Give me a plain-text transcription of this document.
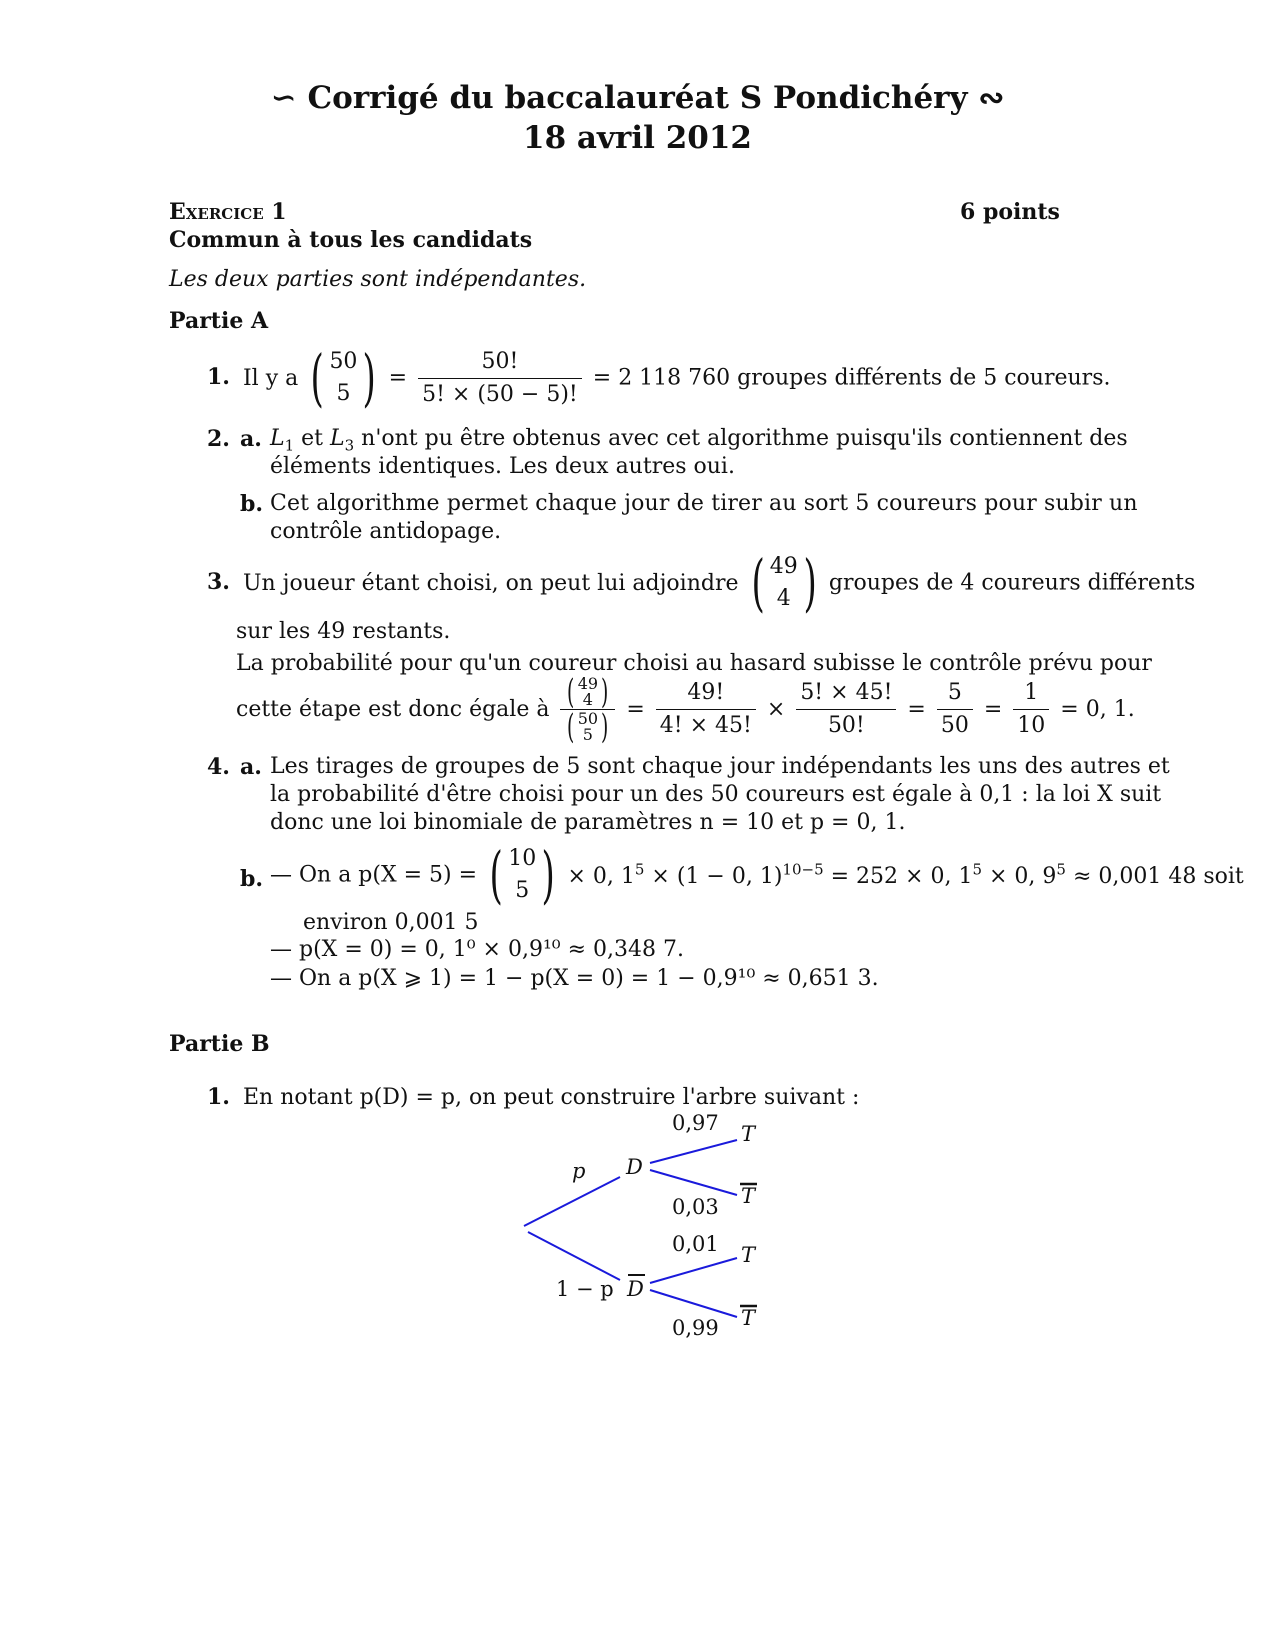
∽ Corrigé du baccalauréat S Pondichéry ∾
18 avril 2012
Exercice 1	6 points
Commun à tous les candidats
Les deux parties sont indépendantes.
Partie A
1. Il y a ( 50
5 ) = $\frac{50!}{5! \times (50 - 5)!} = 2$ 118 760 groupes différents de 5 coureurs.
2. a. $L_1$ et $L_3$ n'ont pu être obtenus avec cet algorithme puisqu'ils contiennent des
éléments identiques. Les deux autres oui.
b. Cet algorithme permet chaque jour de tirer au sort 5 coureurs pour subir un
contrôle antidopage.
3. Un joueur étant choisi, on peut lui adjoindre ( 49
4 ) groupes de 4 coureurs différents
sur les 49 restants.
La probabilité pour qu'un coureur choisi au hasard subisse le contrôle prévu pour
cette étape est donc égale à ( 49
4 )
( 50
5 ) = $\frac{49!}{4! \times 45!} \times \frac{5! \times 45!}{50!} = \frac{5}{50} = \frac{1}{10} = 0$, 1.
4. a. Les tirages de groupes de 5 sont chaque jour indépendants les uns des autres et
la probabilité d'être choisi pour un des 50 coureurs est égale à 0,1 : la loi X suit
donc une loi binomiale de paramètres n = 10 et p = 0, 1.
b. — On a p(X = 5) = ( 10
5 ) × 0, $1^5 \times (1 - 0$, 1)$^{10-5}$ = 252 × 0, $1^5 \times 0$, $9^5 \approx 0,001$ 48 soit
environ 0,001 5
— p(X = 0) = 0, 1⁰ × 0,9¹⁰ ≈ 0,348 7.
— On a p(X ⩾ 1) = 1 − p(X = 0) = 1 − 0,9¹⁰ ≈ 0,651 3.
Partie B
1. En notant p(D) = p, on peut construire l'arbre suivant :
p
1 − p
D
D
T
T
T
T
0,97
0,03
0,01
0,99
